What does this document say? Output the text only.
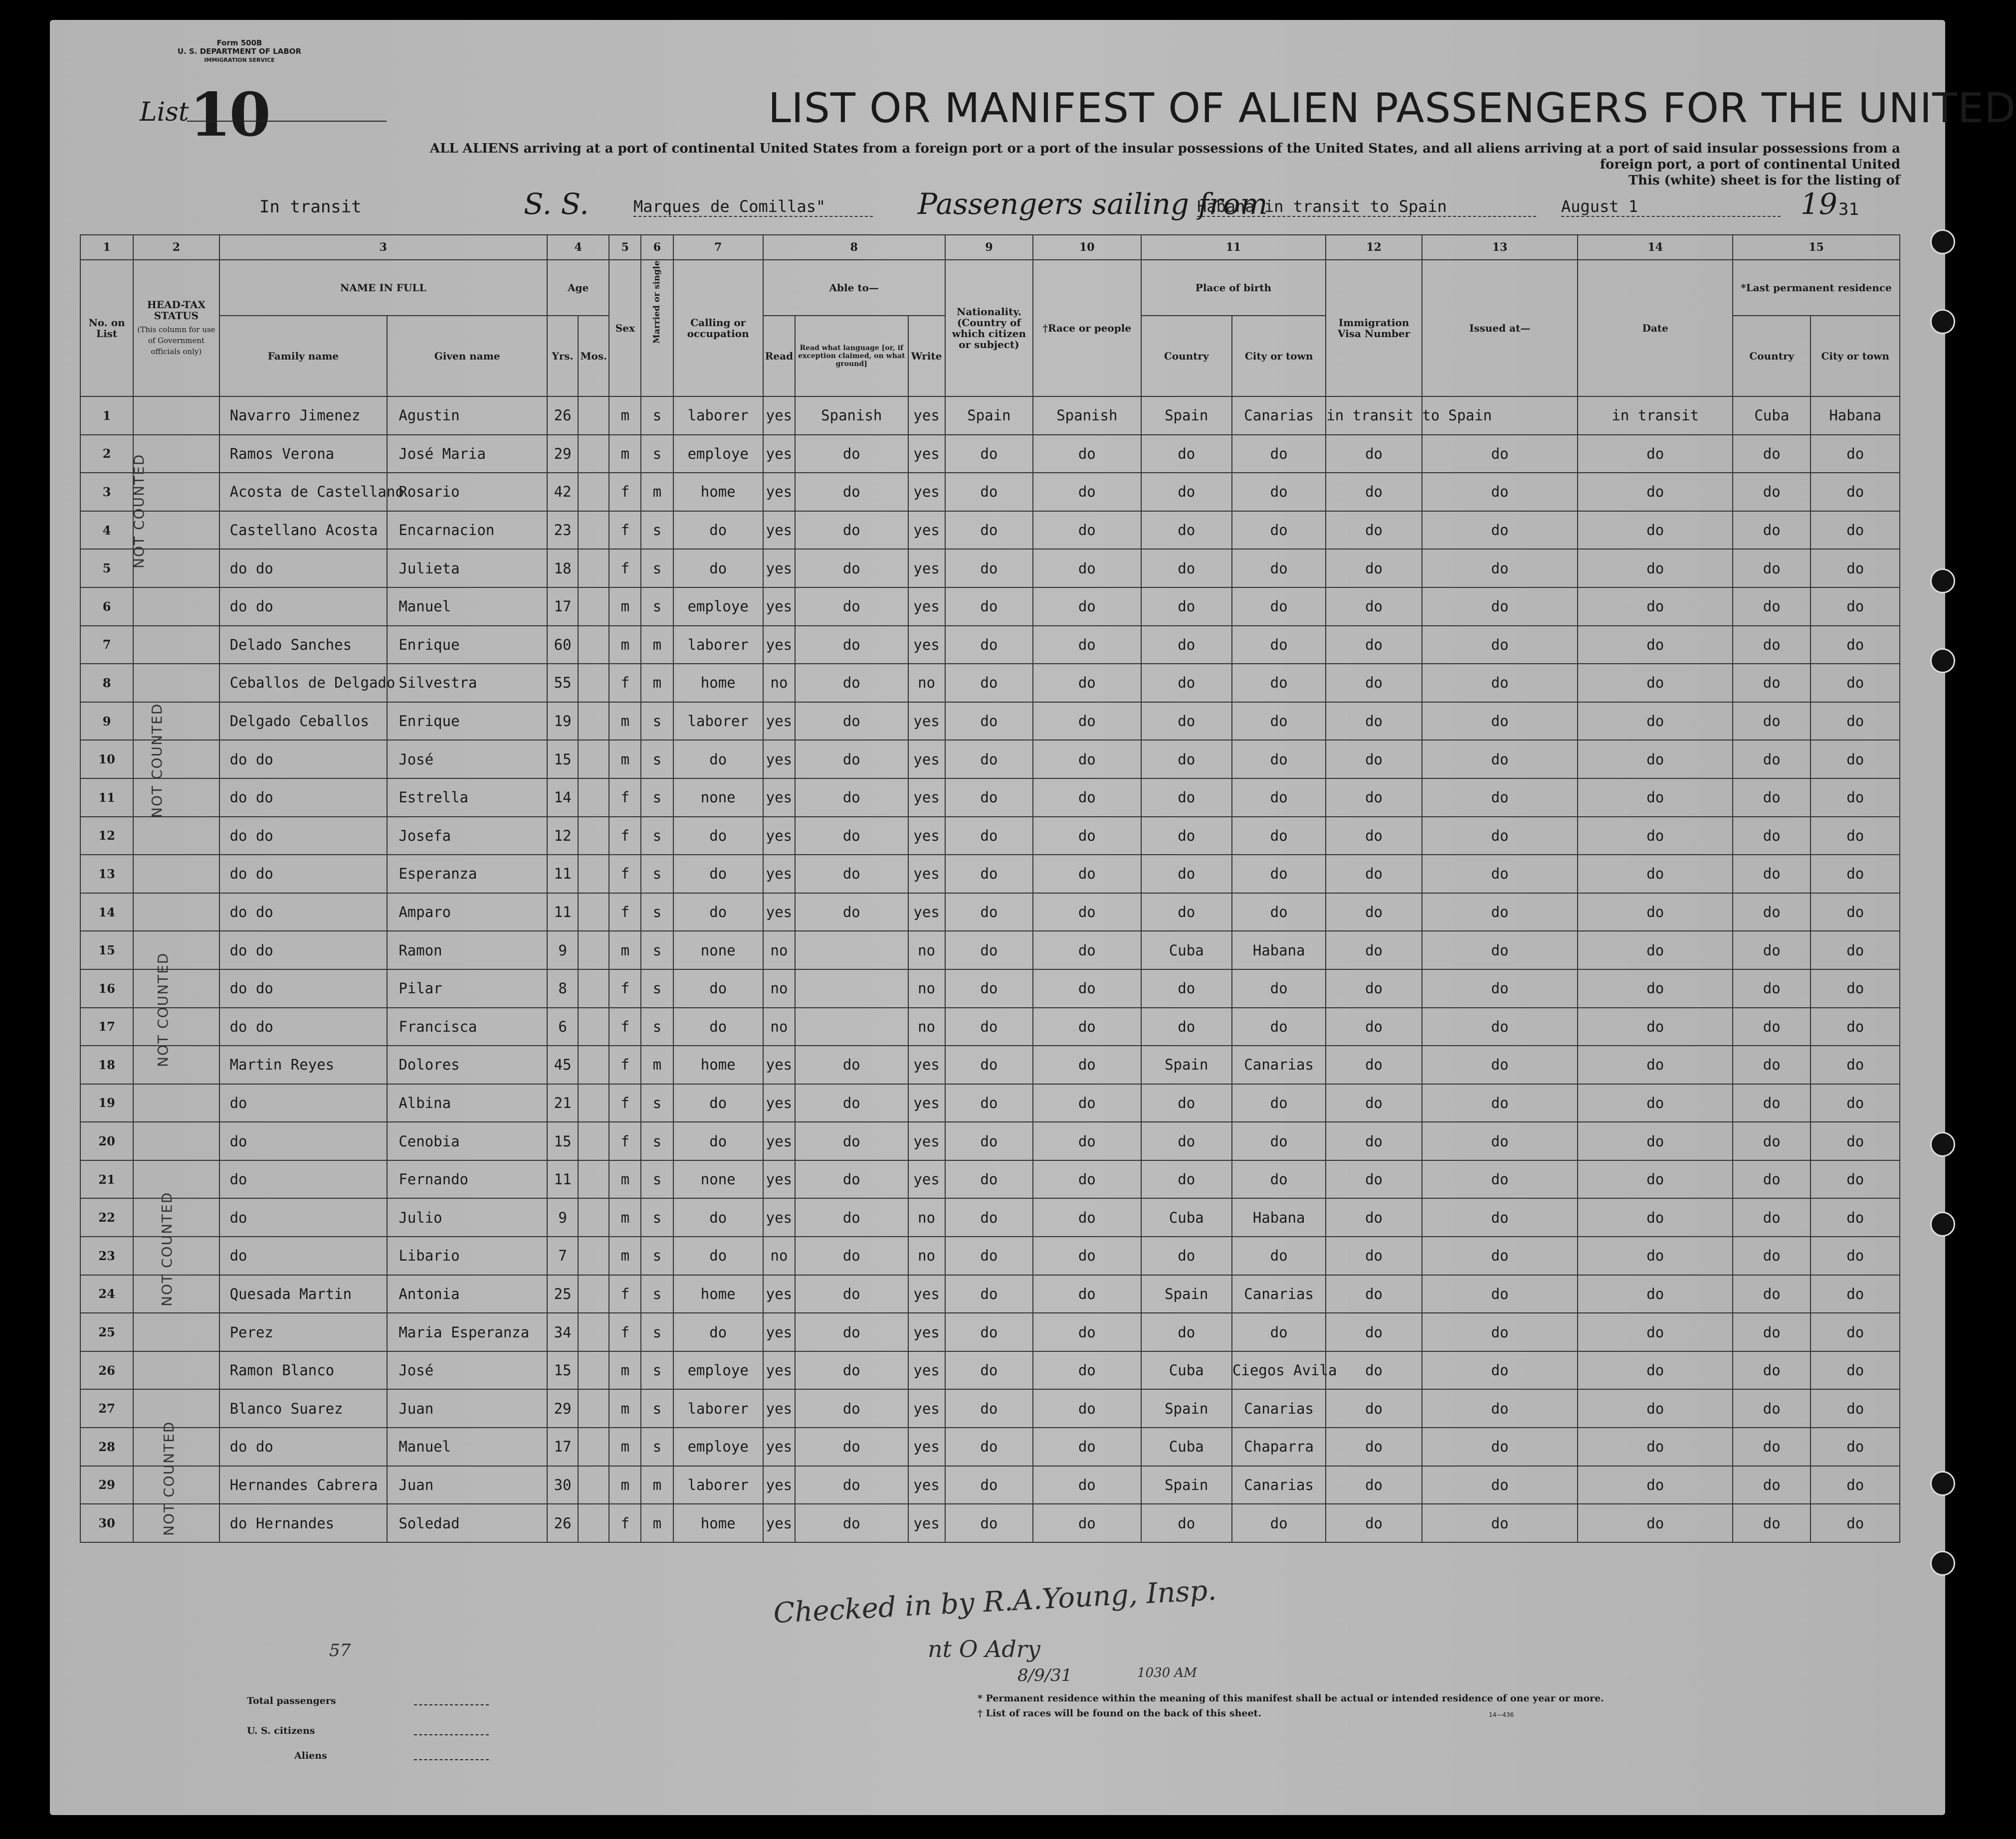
Form 500B
U. S. DEPARTMENT OF LABOR
IMMIGRATION SERVICE
List 10	LIST OR MANIFEST OF ALIEN PASSENGERS FOR THE UNITED
ALL ALIENS arriving at a port of continental United States from a foreign port or a port of the insular possessions of the United States, and all aliens arriving at a port of said insular possessions from a foreign port, a port of continental United
This (white) sheet is for the listing of
In transit	S. S.	Marques de Comillas"	Passengers sailing from
Habana in transit to Spain	August 1	19 31
1	2	3		4		5	6	7	8			9	10	11		12	13	14	15	
No. on List	HEAD-TAX STATUS
(This column for use of Government officials only)	NAME IN FULL		Age		Sex	Married or single	Calling or occupation	Able to—			Nationality. (Country of which citizen or subject)	†Race or people	Place of birth		Immigration Visa Number	Issued at—	Date	*Last permanent residence	
		Family name	Given name	Yrs.	Mos.				Read	Read what language [or, if exception claimed, on what ground]	Write			Country	City or town				Country	City or town
1		Navarro Jimenez	Agustin	26		m	s	laborer	yes	Spanish	yes	Spain	Spanish	Spain	Canarias	in transit to Spain		in transit	Cuba	Habana
2		Ramos Verona	José Maria	29		m	s	employe	yes	do	yes	do	do	do	do	do	do	do	do	do
3		Acosta de Castellano	Rosario	42		f	m	home	yes	do	yes	do	do	do	do	do	do	do	do	do
4		Castellano Acosta	Encarnacion	23		f	s	do	yes	do	yes	do	do	do	do	do	do	do	do	do
5		do do	Julieta	18		f	s	do	yes	do	yes	do	do	do	do	do	do	do	do	do
6		do do	Manuel	17		m	s	employe	yes	do	yes	do	do	do	do	do	do	do	do	do
7		Delado Sanches	Enrique	60		m	m	laborer	yes	do	yes	do	do	do	do	do	do	do	do	do
8		Ceballos de Delgado	Silvestra	55		f	m	home	no	do	no	do	do	do	do	do	do	do	do	do
9		Delgado Ceballos	Enrique	19		m	s	laborer	yes	do	yes	do	do	do	do	do	do	do	do	do
10		do do	José	15		m	s	do	yes	do	yes	do	do	do	do	do	do	do	do	do
11		do do	Estrella	14		f	s	none	yes	do	yes	do	do	do	do	do	do	do	do	do
12		do do	Josefa	12		f	s	do	yes	do	yes	do	do	do	do	do	do	do	do	do
13		do do	Esperanza	11		f	s	do	yes	do	yes	do	do	do	do	do	do	do	do	do
14		do do	Amparo	11		f	s	do	yes	do	yes	do	do	do	do	do	do	do	do	do
15		do do	Ramon	9		m	s	none	no		no	do	do	Cuba	Habana	do	do	do	do	do
16		do do	Pilar	8		f	s	do	no		no	do	do	do	do	do	do	do	do	do
17		do do	Francisca	6		f	s	do	no		no	do	do	do	do	do	do	do	do	do
18		Martin Reyes	Dolores	45		f	m	home	yes	do	yes	do	do	Spain	Canarias	do	do	do	do	do
19		do	Albina	21		f	s	do	yes	do	yes	do	do	do	do	do	do	do	do	do
20		do	Cenobia	15		f	s	do	yes	do	yes	do	do	do	do	do	do	do	do	do
21		do	Fernando	11		m	s	none	yes	do	yes	do	do	do	do	do	do	do	do	do
22		do	Julio	9		m	s	do	yes	do	no	do	do	Cuba	Habana	do	do	do	do	do
23		do	Libario	7		m	s	do	no	do	no	do	do	do	do	do	do	do	do	do
24		Quesada Martin	Antonia	25		f	s	home	yes	do	yes	do	do	Spain	Canarias	do	do	do	do	do
25		Perez	Maria Esperanza	34		f	s	do	yes	do	yes	do	do	do	do	do	do	do	do	do
26		Ramon Blanco	José	15		m	s	employe	yes	do	yes	do	do	Cuba	Ciegos Avila	do	do	do	do	do
27		Blanco Suarez	Juan	29		m	s	laborer	yes	do	yes	do	do	Spain	Canarias	do	do	do	do	do
28		do do	Manuel	17		m	s	employe	yes	do	yes	do	do	Cuba	Chaparra	do	do	do	do	do
29		Hernandes Cabrera	Juan	30		m	m	laborer	yes	do	yes	do	do	Spain	Canarias	do	do	do	do	do
30		do Hernandes	Soledad	26		f	m	home	yes	do	yes	do	do	do	do	do	do	do	do	do
NOT COUNTED
NOT COUNTED
NOT COUNTED
NOT COUNTED
NOT COUNTED
Checked in by R.A.Young, Insp.
nt O Adry
8/9/31	1030 AM
57
Total passengers
U. S. citizens
Aliens
* Permanent residence within the meaning of this manifest shall be actual or intended residence of one year or more.
† List of races will be found on the back of this sheet.	14—436
